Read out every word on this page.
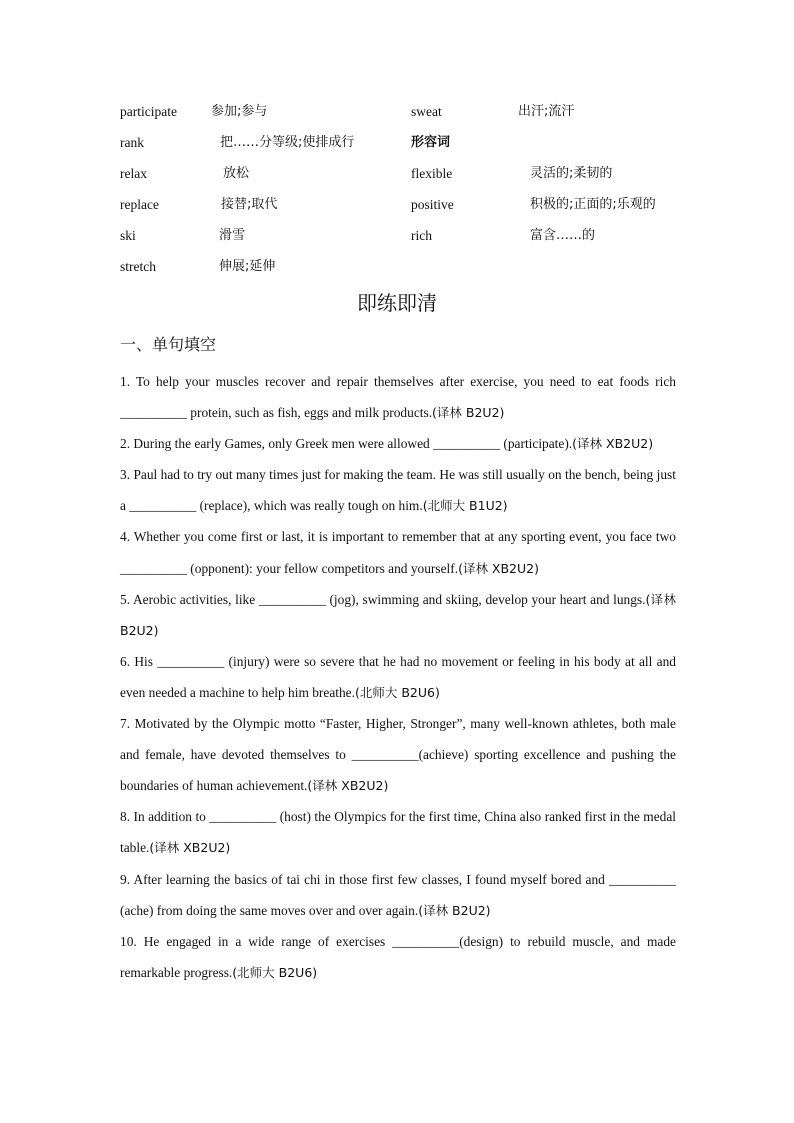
participate	参加;参与	sweat	出汗;流汗
rank	把……分等级;使排成行	形容词
relax	放松	flexible	灵活的;柔韧的
replace	接替;取代	positive	积极的;正面的;乐观的
ski	滑雪	rich	富含……的
stretch	伸展;延伸
即练即清
一、单句填空

1. To help your muscles recover and repair themselves after exercise, you need to eat foods rich __________ protein, such as fish, eggs and milk products.(译林 B2U2)

2. During the early Games, only Greek men were allowed __________ (participate).(译林 XB2U2)

3. Paul had to try out many times just for making the team. He was still usually on the bench, being just a __________ (replace), which was really tough on him.(北师大 B1U2)

4. Whether you come first or last, it is important to remember that at any sporting event, you face two __________ (opponent): your fellow competitors and yourself.(译林 XB2U2)

5. Aerobic activities, like __________ (jog), swimming and skiing, develop your heart and lungs.(译林 B2U2)

6. His __________ (injury) were so severe that he had no movement or feeling in his body at all and even needed a machine to help him breathe.(北师大 B2U6)

7. Motivated by the Olympic motto “Faster, Higher, Stronger”, many well-known athletes, both male and female, have devoted themselves to __________(achieve) sporting excellence and pushing the boundaries of human achievement.(译林 XB2U2)

8. In addition to __________ (host) the Olympics for the first time, China also ranked first in the medal table.(译林 XB2U2)

9. After learning the basics of tai chi in those first few classes, I found myself bored and __________ (ache) from doing the same moves over and over again.(译林 B2U2)

10. He engaged in a wide range of exercises __________(design) to rebuild muscle, and made remarkable progress.(北师大 B2U6)
